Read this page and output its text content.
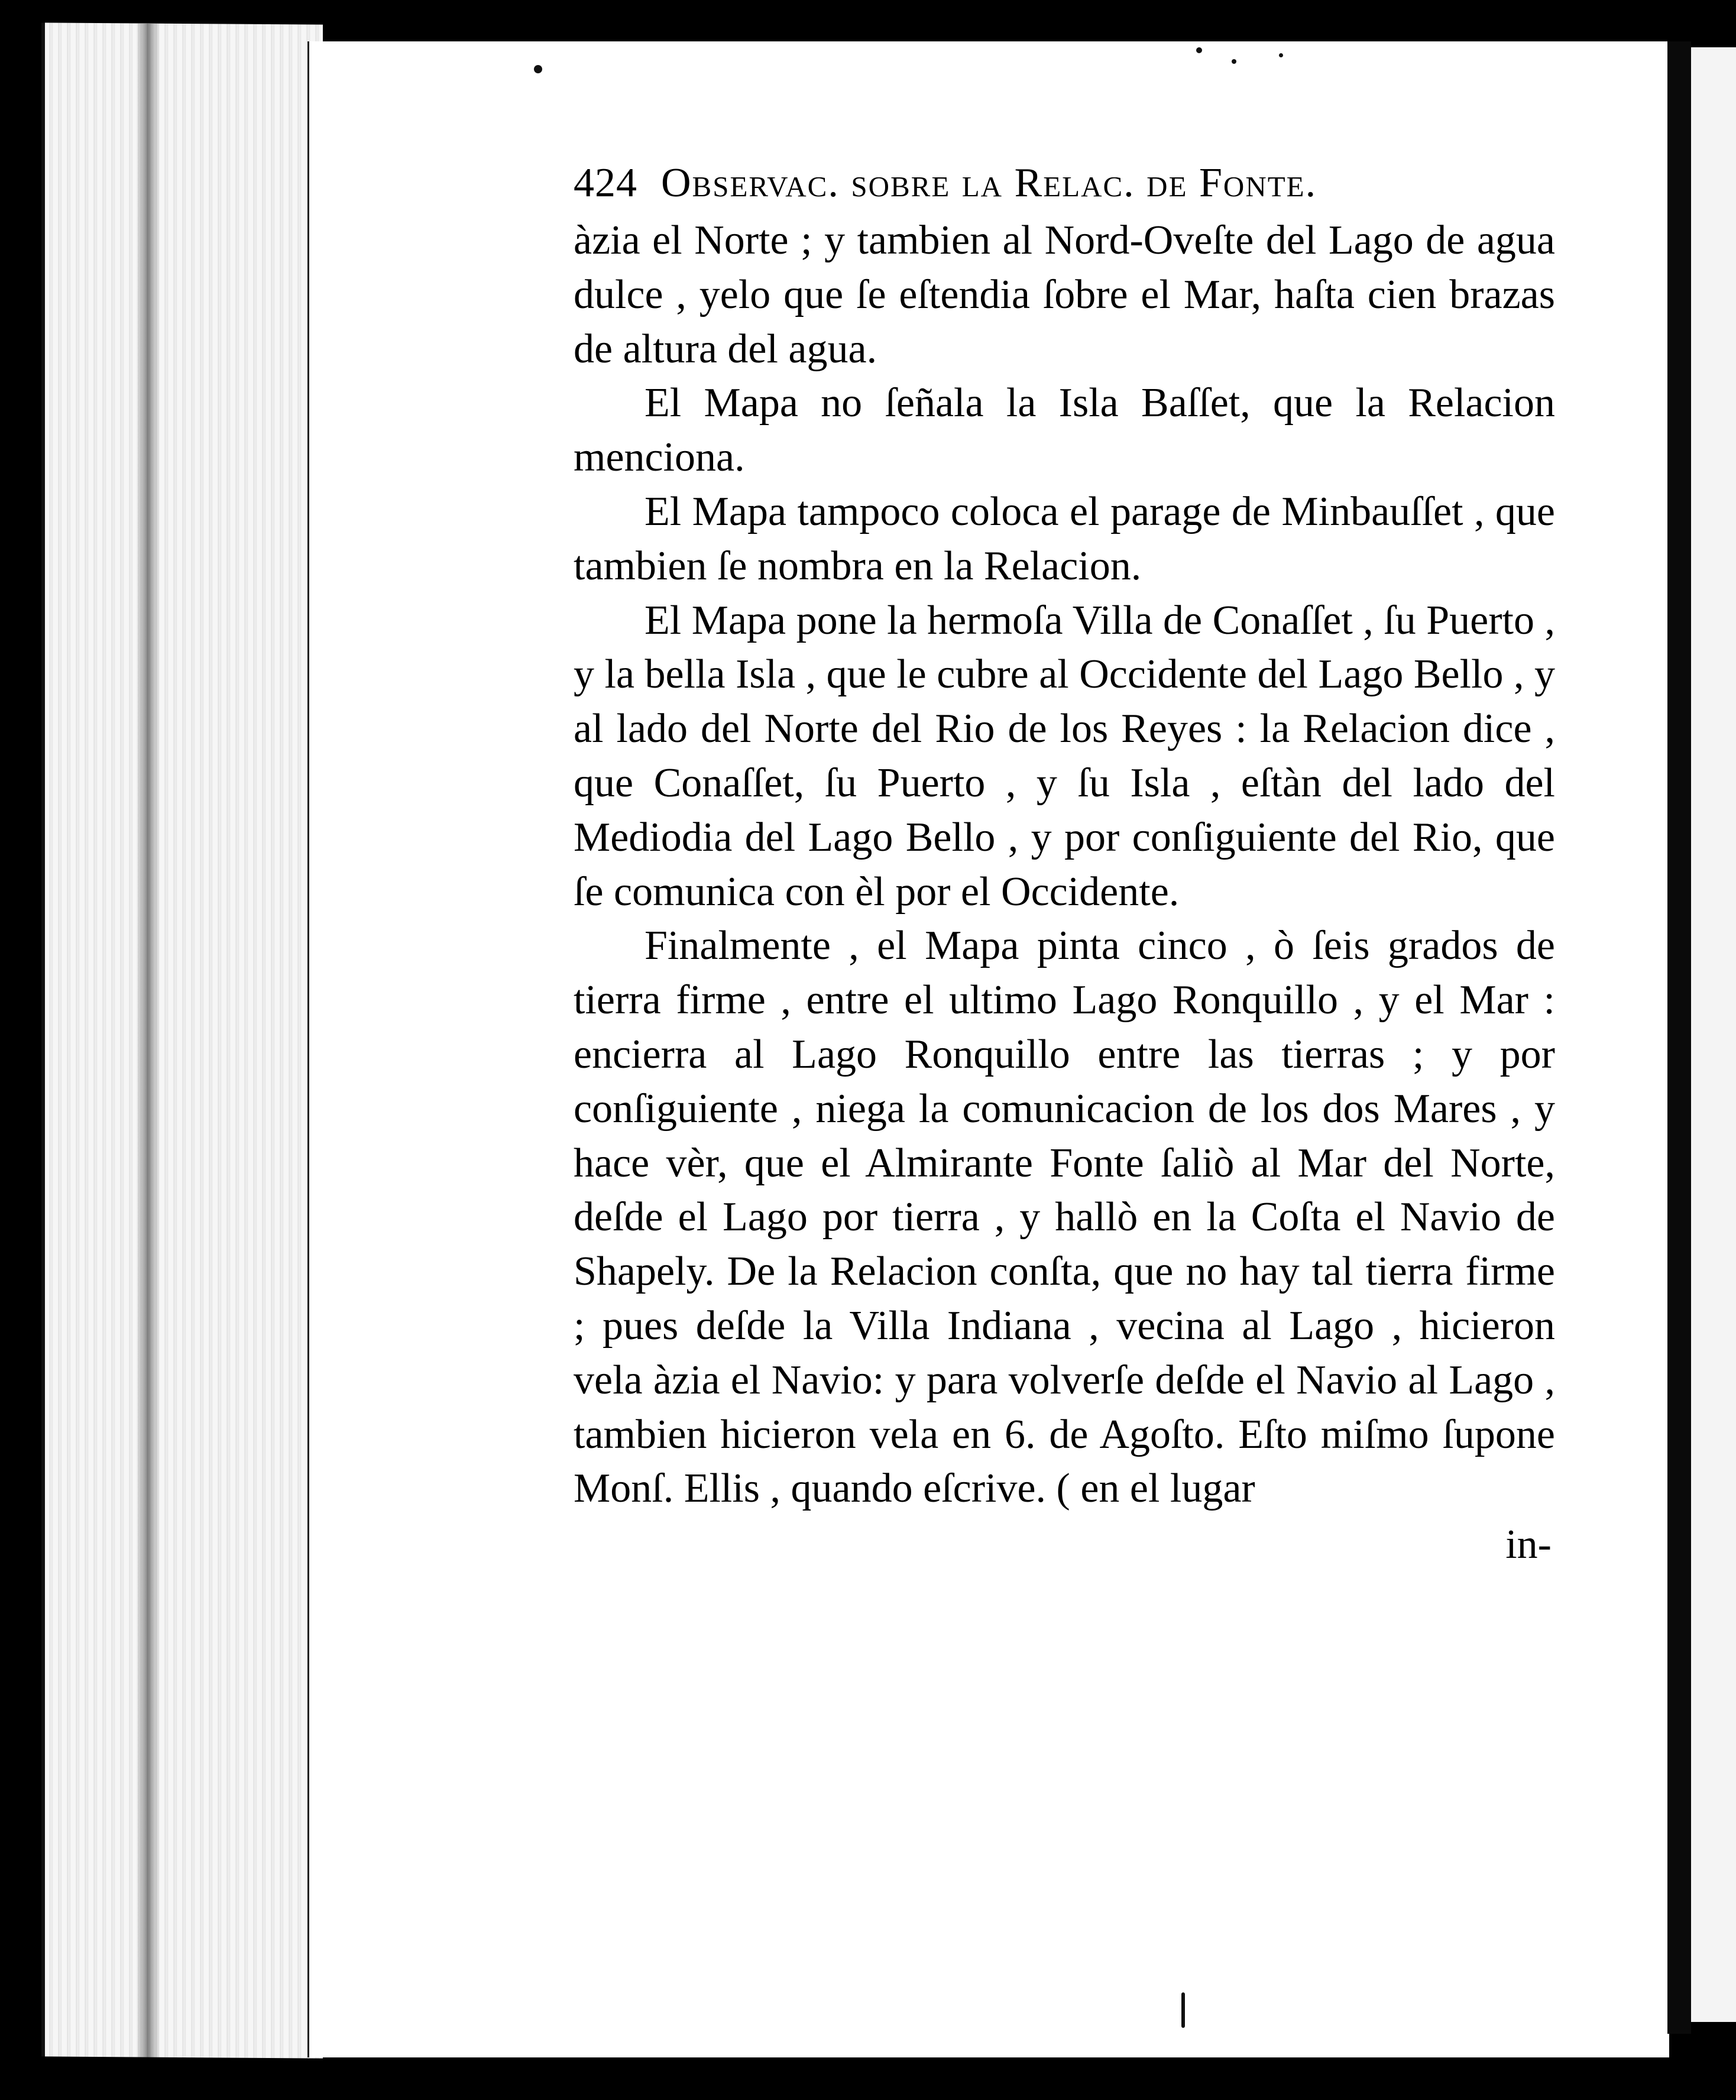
424 Observac. sobre la Relac. de Fonte.

àzia el Norte ; y tambien al Nord-Oveſte del Lago de agua dulce , yelo que ſe eſtendia ſobre el Mar, haſta cien brazas de altura del agua.

El Mapa no ſeñala la Isla Baſſet, que la Relacion menciona.

El Mapa tampoco coloca el parage de Minbauſſet , que tambien ſe nombra en la Relacion.

El Mapa pone la hermoſa Villa de Conaſſet , ſu Puerto , y la bella Isla , que le cubre al Occidente del Lago Bello , y al lado del Norte del Rio de los Reyes : la Relacion dice , que Conaſſet, ſu Puerto , y ſu Isla , eſtàn del lado del Mediodia del Lago Bello , y por conſiguiente del Rio, que ſe comunica con èl por el Occidente.

Finalmente , el Mapa pinta cinco , ò ſeis grados de tierra firme , entre el ultimo Lago Ronquillo , y el Mar : encierra al Lago Ronquillo entre las tierras ; y por conſiguiente , niega la comunicacion de los dos Mares , y hace vèr, que el Almirante Fonte ſaliò al Mar del Norte, deſde el Lago por tierra , y hallò en la Coſta el Navio de Shapely. De la Relacion conſta, que no hay tal tierra firme ; pues deſde la Villa Indiana , vecina al Lago , hicieron vela àzia el Navio: y para volverſe deſde el Navio al Lago , tambien hicieron vela en 6. de Agoſto. Eſto miſmo ſupone Monſ. Ellis , quando eſcrive. ( en el lugar

in-
